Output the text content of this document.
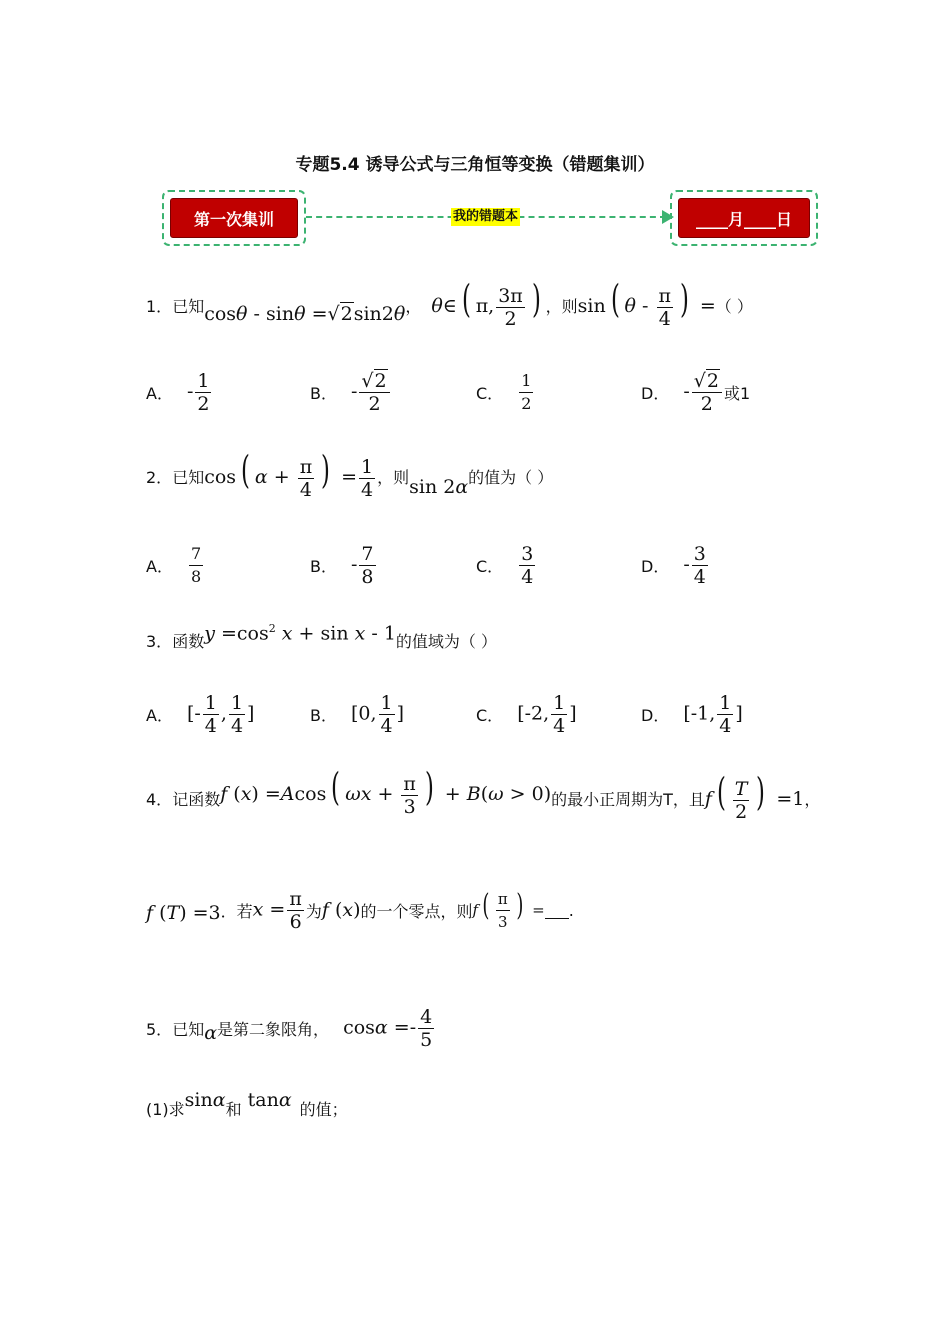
专题5.4 诱导公式与三角恒等变换（错题集训）
第一次集训	我的错题本	____月____日
1． 已知 cosθ - sinθ =√2sin2θ ， θ∈ ( π, $\frac{3\pi}{2}$ ) ，则 sin ( θ - $\frac{\pi}{4}$ ) = （ ）
A． - $\frac{1}{2}$	B． - $\frac{√2}{2}$	C． $\frac{1}{2}$	D． - $\frac{√2}{2}$ 或1
2． 已知 cos ( $\alpha + \frac{\pi}{4}$ ) = $\frac{1}{4}$ ，则 sin 2α 的值为（ ）
A． $\frac{7}{8}$	B． - $\frac{7}{8}$	C． $\frac{3}{4}$	D． - $\frac{3}{4}$
3． 函数 $y =\cos^2$ x + sin x - 1 的值域为（ ）
A． [- $\frac{1}{4}$ , $\frac{1}{4}$ ]	B． [0, $\frac{1}{4}$ ]	C． [-2, $\frac{1}{4}$ ]	D． [-1, $\frac{1}{4}$ ]
4． 记函数 f (x) =Acos ( $\omega x + \frac{\pi}{3}$ ) + B(ω > 0) 的最小正周期为T，且 f ( $\frac{T}{2}$ ) =1 ，
f (T) =3 ．若 $x = \frac{\pi}{6}$ 为 f (x) 的一个零点，则 f ( $\frac{\pi}{3}$ ) = .
5． 已知 α 是第二象限角， $\cos\alpha =- \frac{4}{5}$
(1)求 sinα 和 tanα 的值；
